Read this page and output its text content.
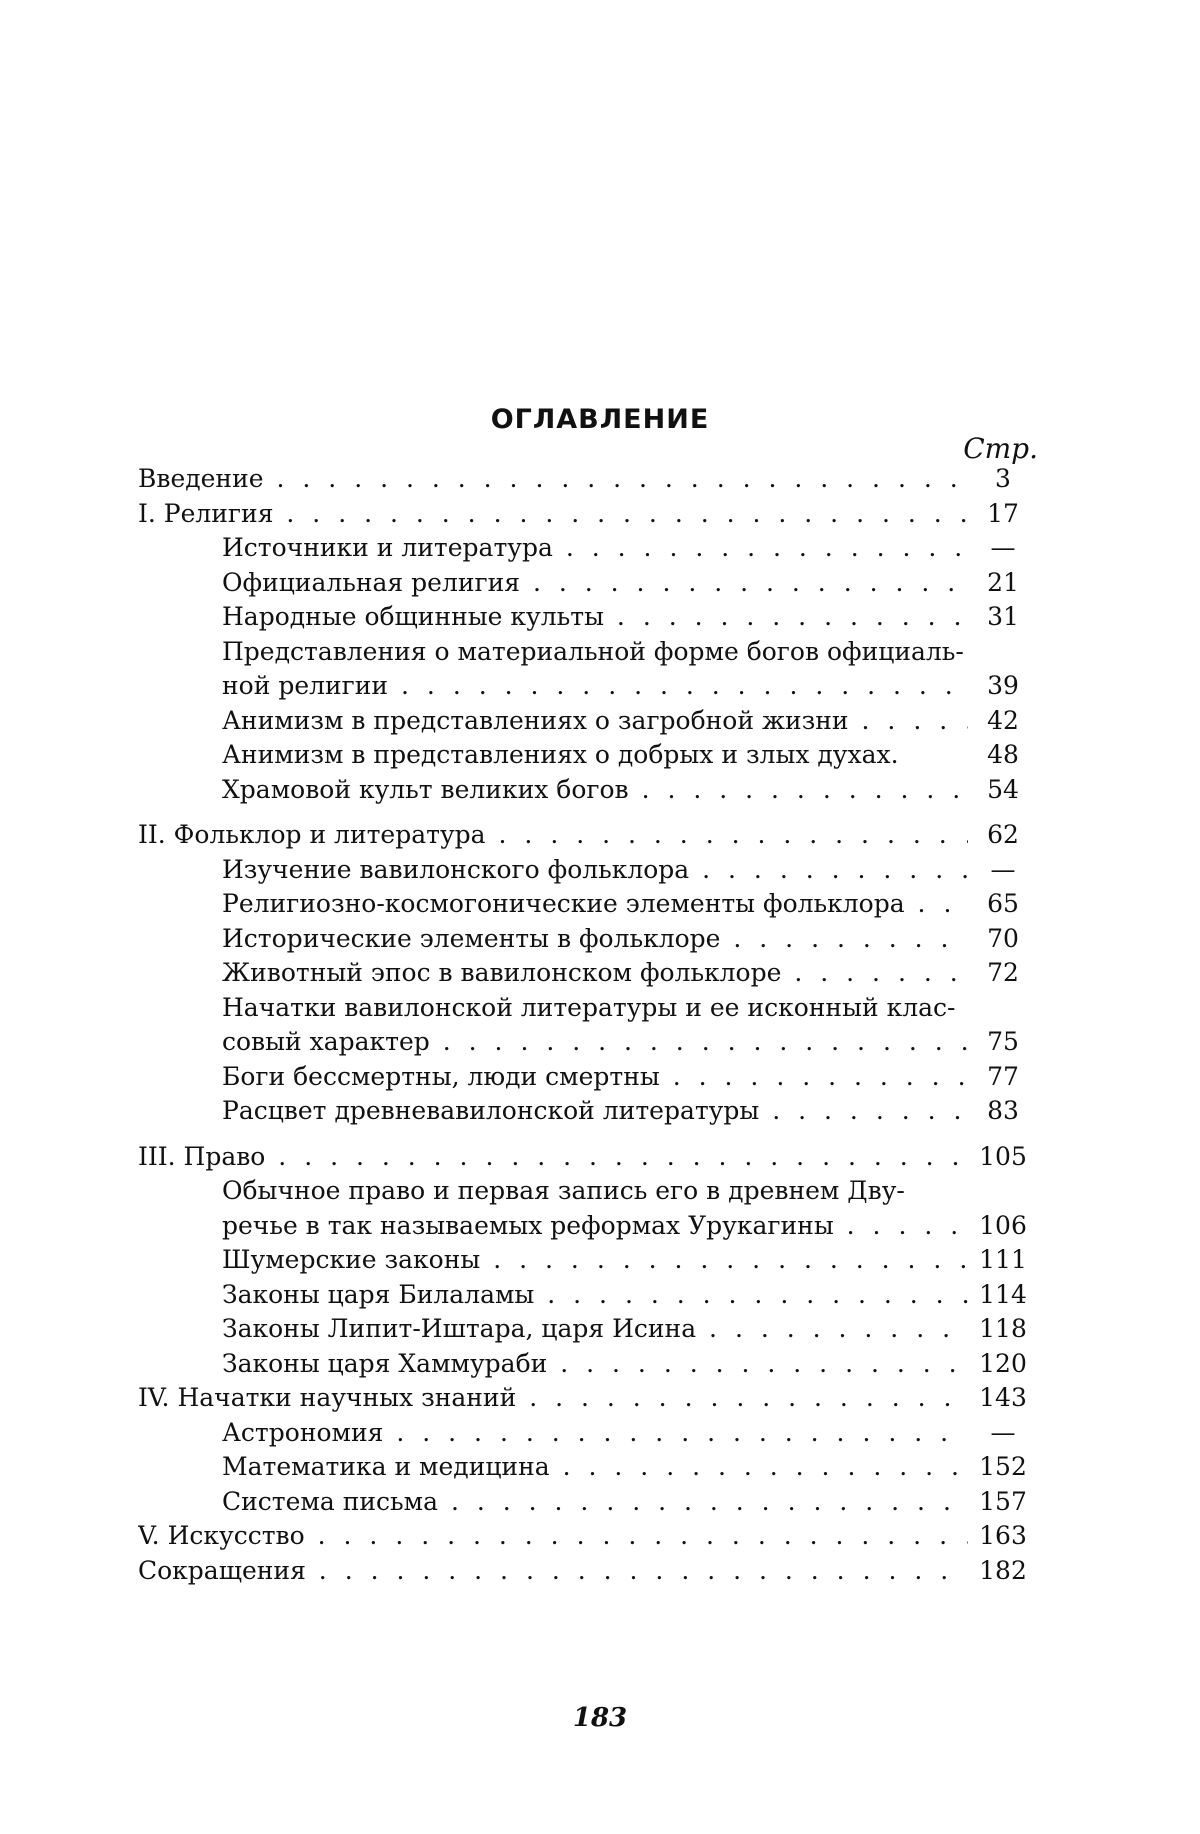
ОГЛАВЛЕНИЕ
Стр.
Введение . . .	3
I. Религия . . .	17
Источники и литература . . .	—
Официальная религия . . .	21
Народные общинные культы . . .	31
Представления о материальной форме богов официаль-
ной религии . . .	39
Анимизм в представлениях о загробной жизни . . .	42
Анимизм в представлениях о добрых и злых духах.	48
Храмовой культ великих богов . . .	54
II. Фольклор и литература . . .	62
Изучение вавилонского фольклора . . .	—
Религиозно-космогонические элементы фольклора . . .	65
Исторические элементы в фольклоре . . .	70
Животный эпос в вавилонском фольклоре . . .	72
Начатки вавилонской литературы и ее исконный клас-
совый характер . . .	75
Боги бессмертны, люди смертны . . .	77
Расцвет древневавилонской литературы . . .	83
III. Право . . .	105
Обычное право и первая запись его в древнем Дву-
речье в так называемых реформах Урукагины . . .	106
Шумерские законы . . .	111
Законы царя Билаламы . . .	114
Законы Липит-Иштара, царя Исина . . .	118
Законы царя Хаммураби . . .	120
IV. Начатки научных знаний . . .	143
Астрономия . . .	—
Математика и медицина . . .	152
Система письма . . .	157
V. Искусство . . .	163
Сокращения . . .	182
183
